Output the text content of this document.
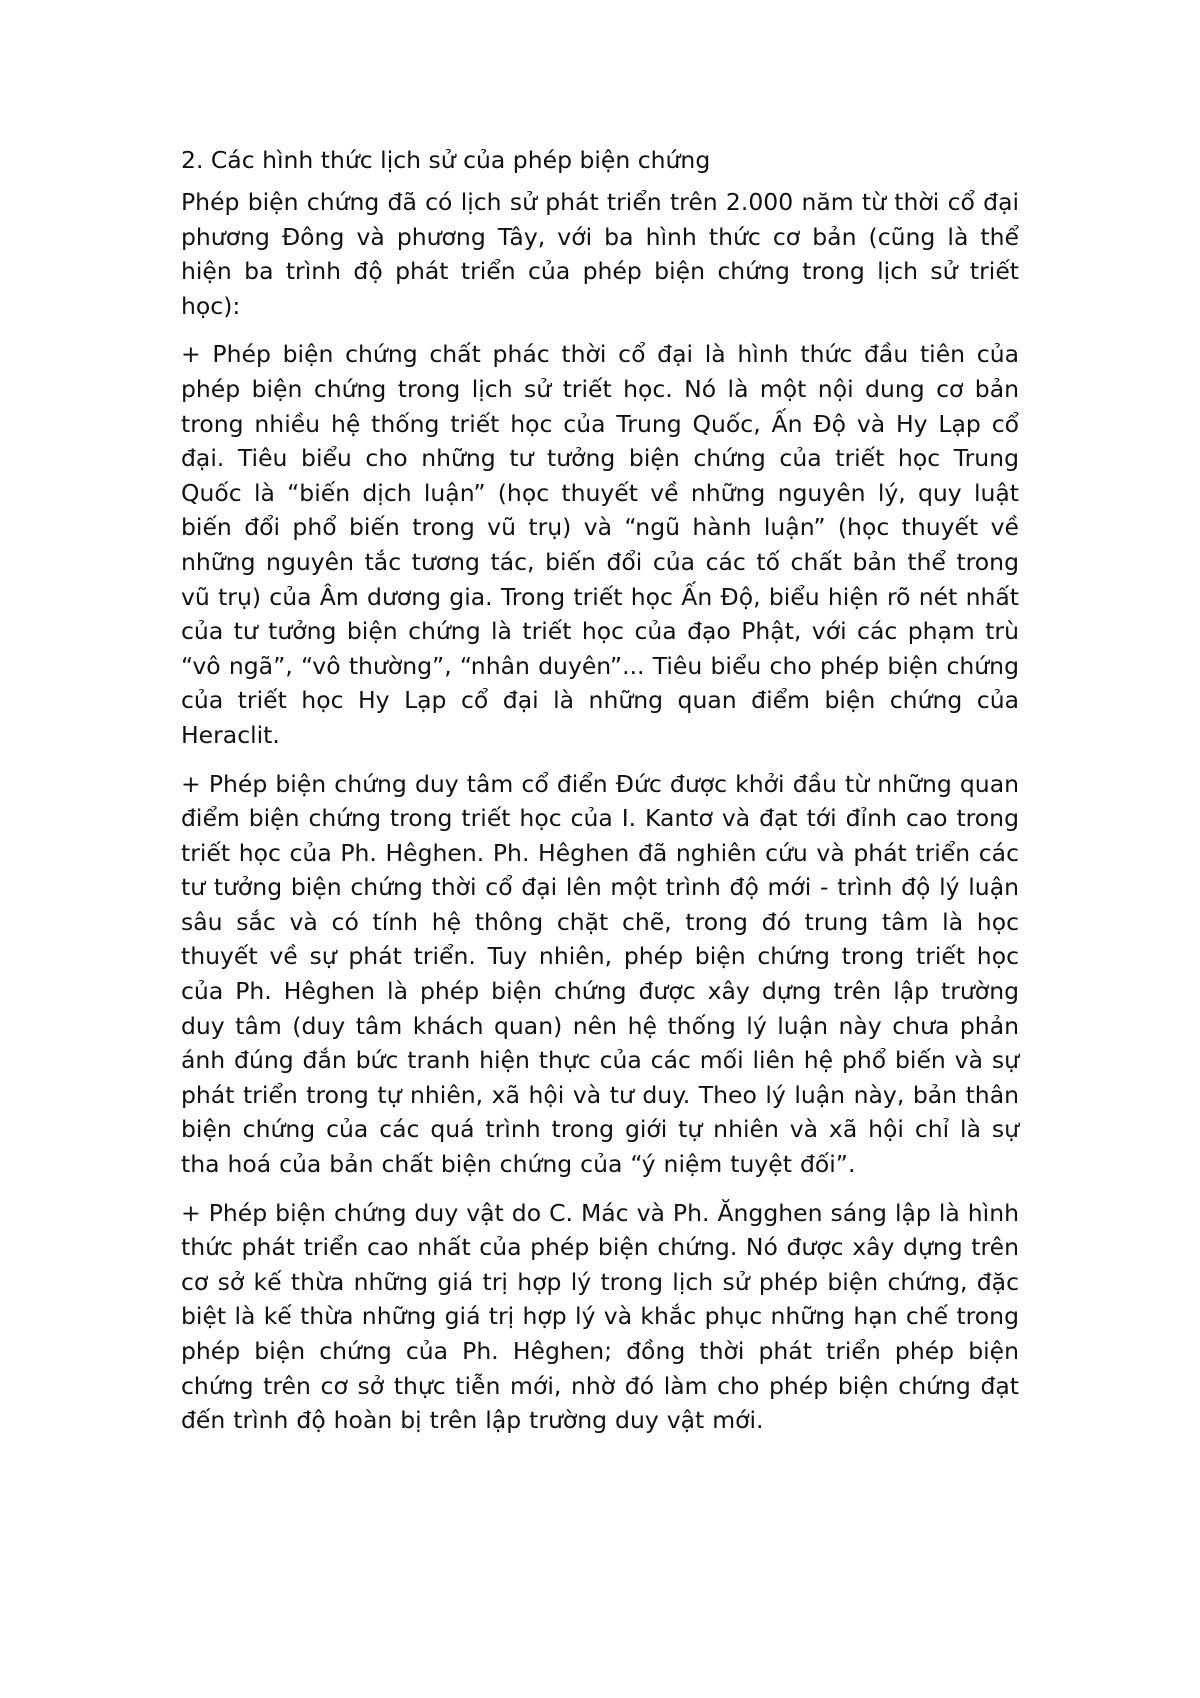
2. Các hình thức lịch sử của phép biện chứng

Phép biện chứng đã có lịch sử phát triển trên 2.000 năm từ thời cổ đại phương Đông và phương Tây, với ba hình thức cơ bản (cũng là thể hiện ba trình độ phát triển của phép biện chứng trong lịch sử triết học):

+ Phép biện chứng chất phác thời cổ đại là hình thức đầu tiên của phép biện chứng trong lịch sử triết học. Nó là một nội dung cơ bản trong nhiều hệ thống triết học của Trung Quốc, Ấn Độ và Hy Lạp cổ đại. Tiêu biểu cho những tư tưởng biện chứng của triết học Trung Quốc là “biến dịch luận” (học thuyết về những nguyên lý, quy luật biến đổi phổ biến trong vũ trụ) và “ngũ hành luận” (học thuyết về những nguyên tắc tương tác, biến đổi của các tố chất bản thể trong vũ trụ) của Âm dương gia. Trong triết học Ấn Độ, biểu hiện rõ nét nhất của tư tưởng biện chứng là triết học của đạo Phật, với các phạm trù “vô ngã”, “vô thường”, “nhân duyên”... Tiêu biểu cho phép biện chứng của triết học Hy Lạp cổ đại là những quan điểm biện chứng của Heraclit.

+ Phép biện chứng duy tâm cổ điển Đức được khởi đầu từ những quan điểm biện chứng trong triết học của I. Kantơ và đạt tới đỉnh cao trong triết học của Ph. Hêghen. Ph. Hêghen đã nghiên cứu và phát triển các tư tưởng biện chứng thời cổ đại lên một trình độ mới - trình độ lý luận sâu sắc và có tính hệ thông chặt chẽ, trong đó trung tâm là học thuyết về sự phát triển. Tuy nhiên, phép biện chứng trong triết học của Ph. Hêghen là phép biện chứng được xây dựng trên lập trường duy tâm (duy tâm khách quan) nên hệ thống lý luận này chưa phản ánh đúng đắn bức tranh hiện thực của các mối liên hệ phổ biến và sự phát triển trong tự nhiên, xã hội và tư duy. Theo lý luận này, bản thân biện chứng của các quá trình trong giới tự nhiên và xã hội chỉ là sự tha hoá của bản chất biện chứng của “ý niệm tuyệt đối”.

+ Phép biện chứng duy vật do C. Mác và Ph. Ăngghen sáng lập là hình thức phát triển cao nhất của phép biện chứng. Nó được xây dựng trên cơ sở kế thừa những giá trị hợp lý trong lịch sử phép biện chứng, đặc biệt là kế thừa những giá trị hợp lý và khắc phục những hạn chế trong phép biện chứng của Ph. Hêghen; đồng thời phát triển phép biện chứng trên cơ sở thực tiễn mới, nhờ đó làm cho phép biện chứng đạt đến trình độ hoàn bị trên lập trường duy vật mới.
